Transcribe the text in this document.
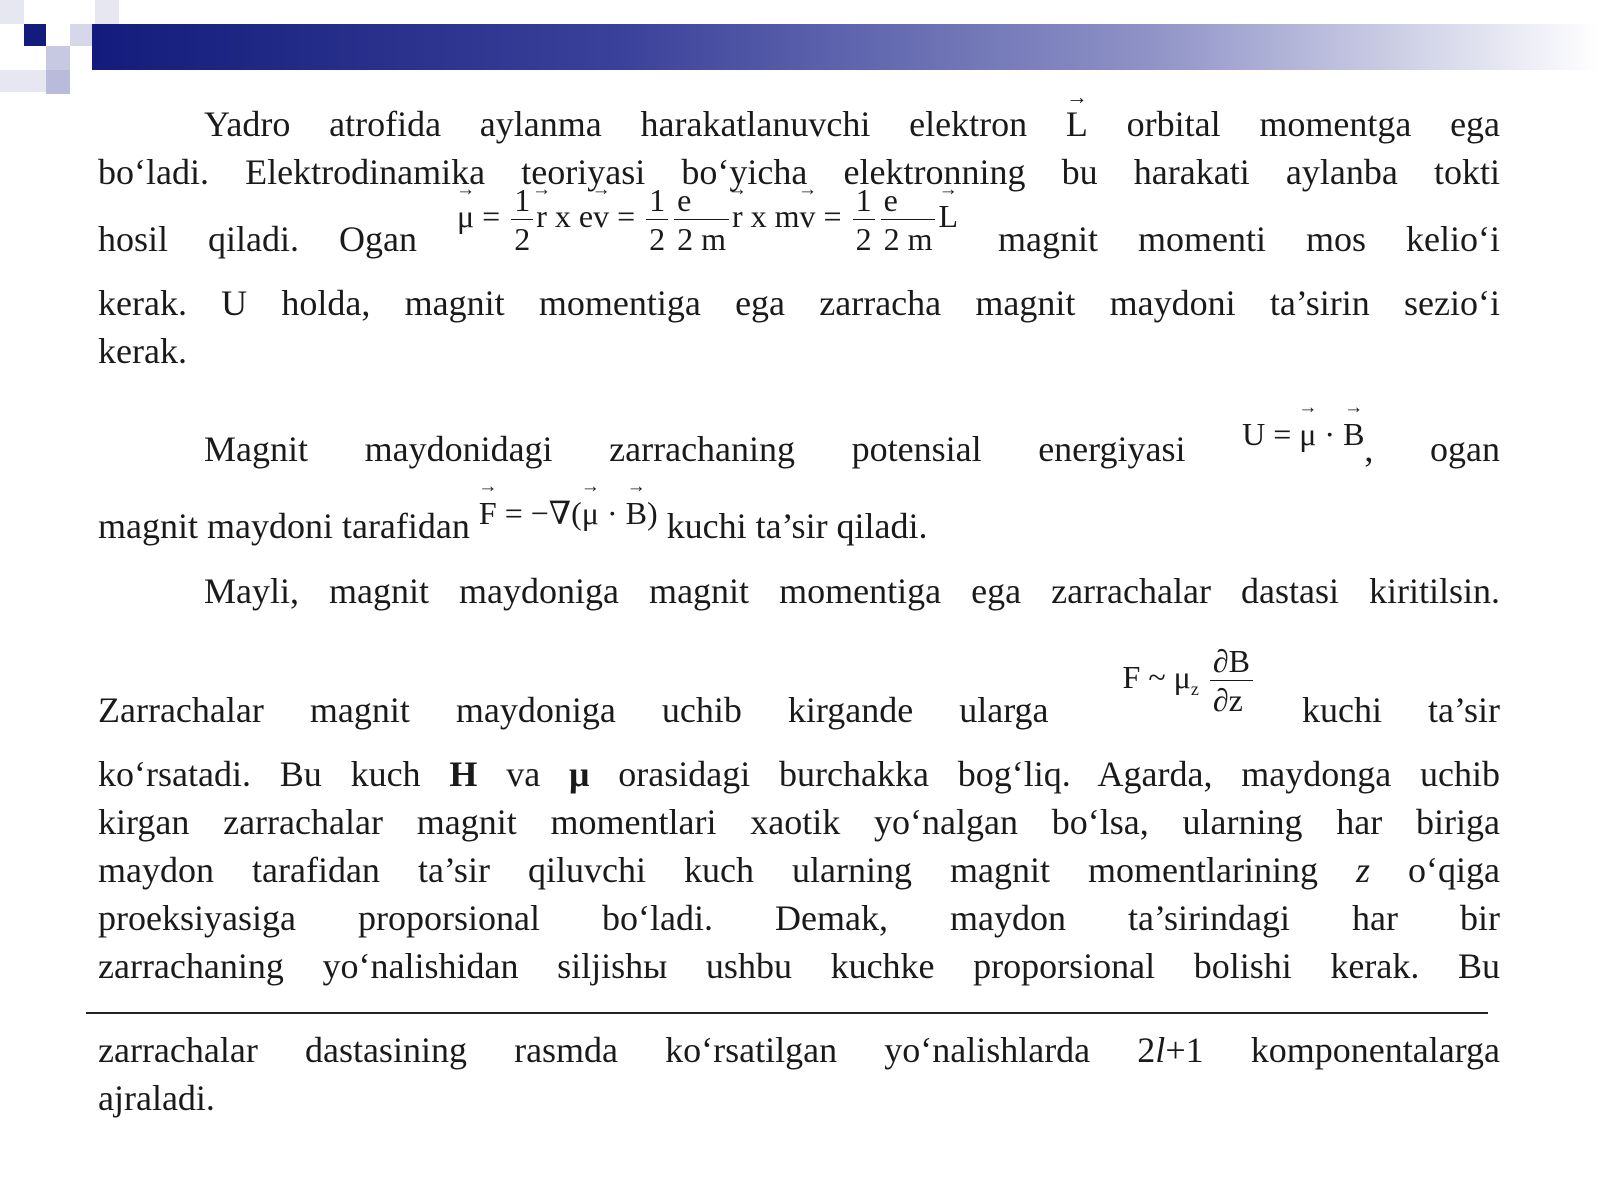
Yadro atrofida aylanma harakatlanuvchi elektron → L orbital momentga ega
bo‘ladi. Elektrodinamika teoriyasi bo‘yicha elektronning bu harakati aylanba tokti
hosil qiladi. Ogan → $\mu = \frac{1}{2}$
→ r x $e\to v = \frac{1}{2} \frac{e}{2 m}$
→ r x $m\to v = \frac{1}{2} \frac{e}{2 m}$
→ L magnit momenti mos kelio‘i
kerak. U holda, magnit momentiga ega zarracha magnit maydoni ta’sirin sezio‘i
kerak.
Magnit maydonidagi zarrachaning potensial energiyasi U = → μ · → B, ogan
magnit maydoni tarafidan → F = −∇(→ μ · → B) kuchi ta’sir qiladi.
Mayli, magnit maydoniga magnit momentiga ega zarrachalar dastasi kiritilsin.
Zarrachalar magnit maydoniga uchib kirgande ularga F ~ $\mu_z \frac{\partial B}{\partial z}$ kuchi ta’sir
ko‘rsatadi. Bu kuch H va μ orasidagi burchakka bog‘liq. Agarda, maydonga uchib
kirgan zarrachalar magnit momentlari xaotik yo‘nalgan bo‘lsa, ularning har biriga
maydon tarafidan ta’sir qiluvchi kuch ularning magnit momentlarining z o‘qiga
proeksiyasiga proporsional bo‘ladi. Demak, maydon ta’sirindagi har bir
zarrachaning yo‘nalishidan siljishы ushbu kuchke proporsional bolishi kerak. Bu
zarrachalar dastasining rasmda ko‘rsatilgan yo‘nalishlarda 2l+1 komponentalarga
ajraladi.
